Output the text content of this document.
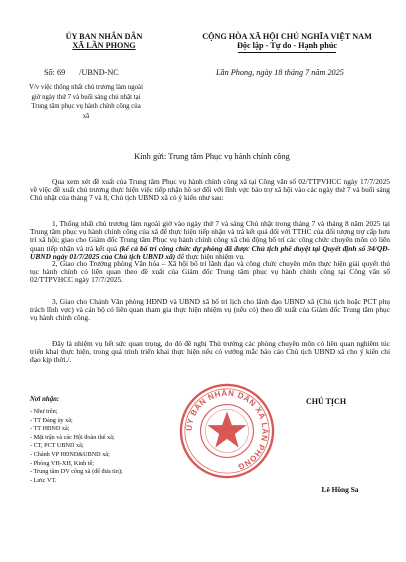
ỦY BAN NHÂN DÂN
XÃ LẦN PHONG
CỘNG HÒA XÃ HỘI CHỦ NGHĨA VIỆT NAM
Độc lập - Tự do - Hạnh phúc
Số: 69 /UBND-NC	Lần Phong, ngày 18 tháng 7 năm 2025
V/v việc thống nhất chủ trương làm ngoài giờ ngày thứ 7 và buổi sáng chủ nhật tại Trung tâm phục vụ hành chính công của xã
Kính gửi: Trung tâm Phục vụ hành chính công
Qua xem xét đề xuất của Trung tâm Phục vụ hành chính công xã tại Công văn số 02/TTPVHCC ngày 17/7/2025 về việc đề xuất chủ trương thực hiện việc tiếp nhận hồ sơ đối với lĩnh vực bảo trợ xã hội vào các ngày thứ 7 và buổi sáng Chủ nhật của tháng 7 và 8, Chủ tịch UBND xã có ý kiến như sau:
1, Thống nhất chủ trương làm ngoài giờ vào ngày thứ 7 và sáng Chủ nhật trong tháng 7 và tháng 8 năm 2025 tại Trung tâm phục vụ hành chính công của xã để thực hiện tiếp nhận và trả kết quả đối với TTHC của đối tượng trợ cấp hưu trí xã hội; giao cho Giám đốc Trung tâm Phục vụ hành chính công xã chủ động bố trí các công chức chuyên môn có liên quan tiếp nhận và trả kết quả (kể cả bố trí công chức dự phòng đã được Chủ tịch phê duyệt tại Quyết định số 34/QĐ-UBND ngày 01/7/2025 của Chủ tịch UBND xã) để thực hiện nhiệm vụ.
2, Giao cho Trưởng phòng Văn hóa – Xã hội bố trí lãnh đạo và công chức chuyên môn thực hiện giải quyết thủ tục hành chính có liên quan theo đề xuất của Giám đốc Trung tâm phục vụ hành chính công tại Công văn số 02/TTPVHCC ngày 17/7/2025.
3, Giao cho Chánh Văn phòng HĐND và UBND xã bố trí lịch cho lãnh đạo UBND xã (Chủ tịch hoặc PCT phụ trách lĩnh vực) và cán bộ có liên quan tham gia thực hiện nhiệm vụ (nếu có) theo đề xuất của Giám đốc Trung tâm phục vụ hành chính công.
Đây là nhiệm vụ hết sức quan trọng, do đó đề nghị Thủ trưởng các phòng chuyên môn có liên quan nghiêm túc triển khai thực hiện, trong quá trình triển khai thực hiện nếu có vướng mắc báo cáo Chủ tịch UBND xã cho ý kiến chỉ đạo kịp thời./.
Nơi nhận:
- Như trên;
- TT Đảng ủy xã;
- TT HĐND xã;
- Mặt trận và các Hội đoàn thể xã;
- CT, PCT UBND xã;
- Chánh VP HĐND&UBND xã;
- Phòng VH-XH, Kinh tế;
- Trung tâm DV công xã (để đưa tin);
- Lưu: VT.
ỦY BAN NHÂN DÂN XÃ LẦN PHONG
CHỦ TỊCH
Lê Hồng Sa
